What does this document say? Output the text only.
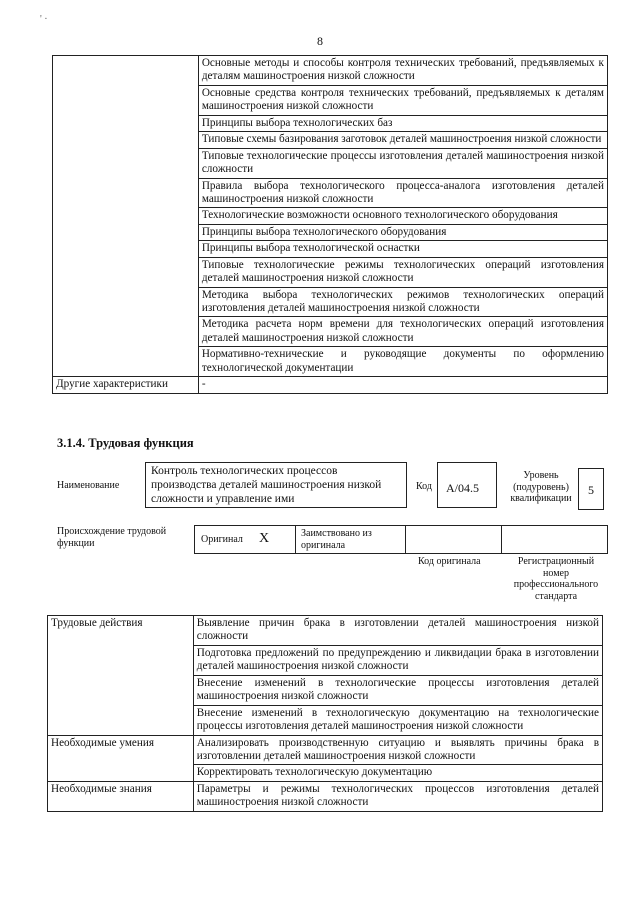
' ·
8
	Основные методы и способы контроля технических требований, предъявляемых к деталям машиностроения низкой сложности
	Основные средства контроля технических требований, предъявляемых к деталям машиностроения низкой сложности
	Принципы выбора технологических баз
	Типовые схемы базирования заготовок деталей машиностроения низкой сложности
	Типовые технологические процессы изготовления деталей машиностроения низкой сложности
	Правила выбора технологического процесса-аналога изготовления деталей машиностроения низкой сложности
	Технологические возможности основного технологического оборудования
	Принципы выбора технологического оборудования
	Принципы выбора технологической оснастки
	Типовые технологические режимы технологических операций изготовления деталей машиностроения низкой сложности
	Методика выбора технологических режимов технологических операций изготовления деталей машиностроения низкой сложности
	Методика расчета норм времени для технологических операций изготовления деталей машиностроения низкой сложности
	Нормативно-технические и руководящие документы по оформлению технологической документации
Другие характеристики	-
3.1.4. Трудовая функция
Наименование
Контроль технологических процессов производства деталей машиностроения низкой сложности и управление ими
Код	А/04.5
Уровень (подуровень) квалификации
5
Происхождение трудовой функции	Оригинал Х	Заимствовано из оригинала
Код оригинала	Регистрационный номер профессионального стандарта
Трудовые действия	Выявление причин брака в изготовлении деталей машиностроения низкой сложности
	Подготовка предложений по предупреждению и ликвидации брака в изготовлении деталей машиностроения низкой сложности
	Внесение изменений в технологические процессы изготовления деталей машиностроения низкой сложности
	Внесение изменений в технологическую документацию на технологические процессы изготовления деталей машиностроения низкой сложности
Необходимые умения	Анализировать производственную ситуацию и выявлять причины брака в изготовлении деталей машиностроения низкой сложности
	Корректировать технологическую документацию
Необходимые знания	Параметры и режимы технологических процессов изготовления деталей машиностроения низкой сложности
